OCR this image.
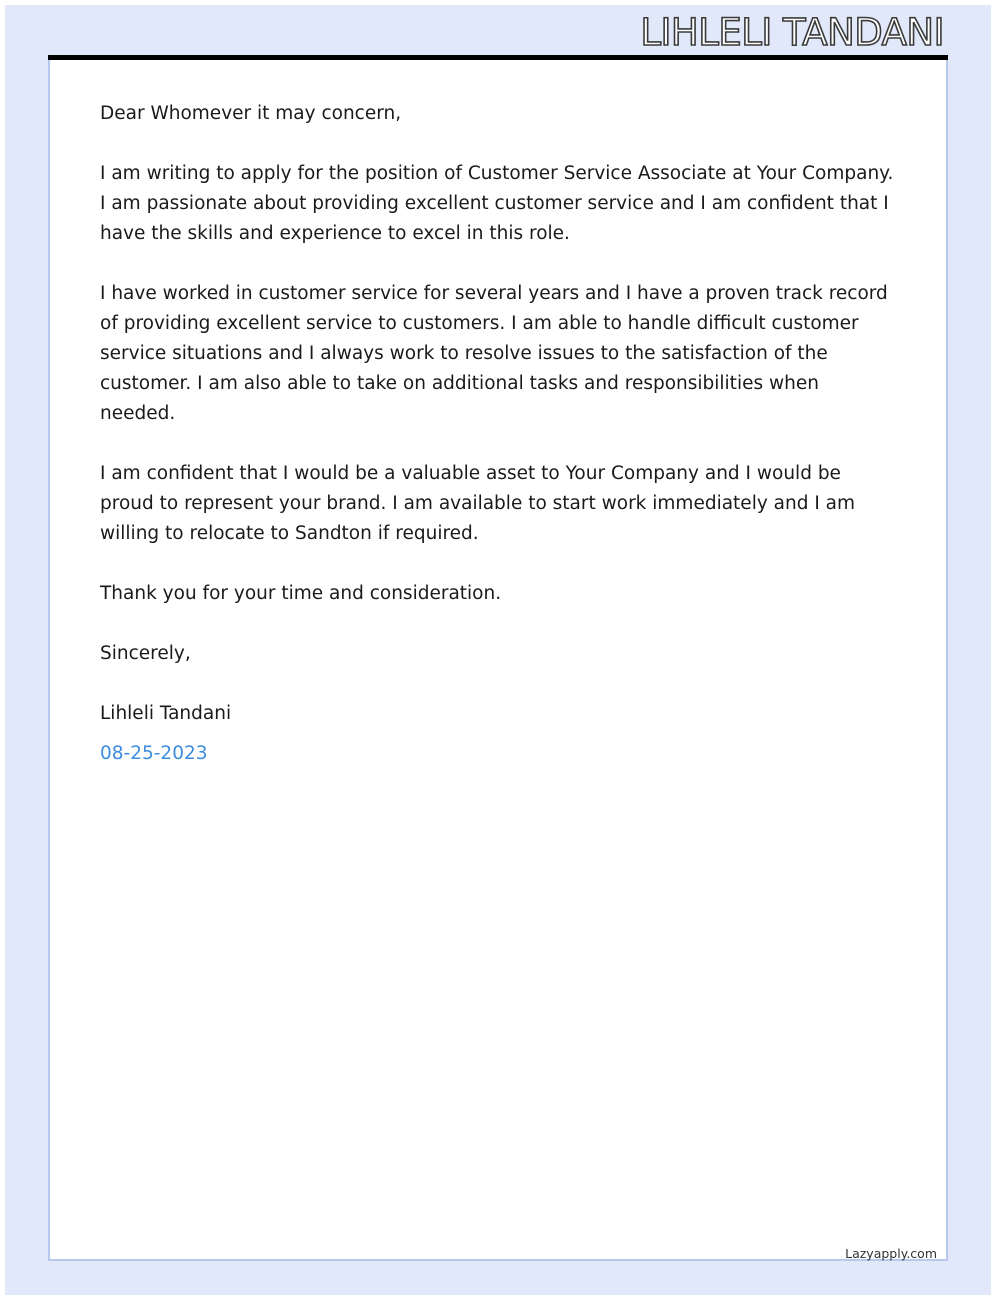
LIHLELI TANDANI

Dear Whomever it may concern,

I am writing to apply for the position of Customer Service Associate at Your Company. I am passionate about providing excellent customer service and I am confident that I have the skills and experience to excel in this role.

I have worked in customer service for several years and I have a proven track record of providing excellent service to customers. I am able to handle difficult customer service situations and I always work to resolve issues to the satisfaction of the customer. I am also able to take on additional tasks and responsibilities when needed.

I am confident that I would be a valuable asset to Your Company and I would be proud to represent your brand. I am available to start work immediately and I am willing to relocate to Sandton if required.

Thank you for your time and consideration.

Sincerely,

Lihleli Tandani

08-25-2023

Lazyapply.com
